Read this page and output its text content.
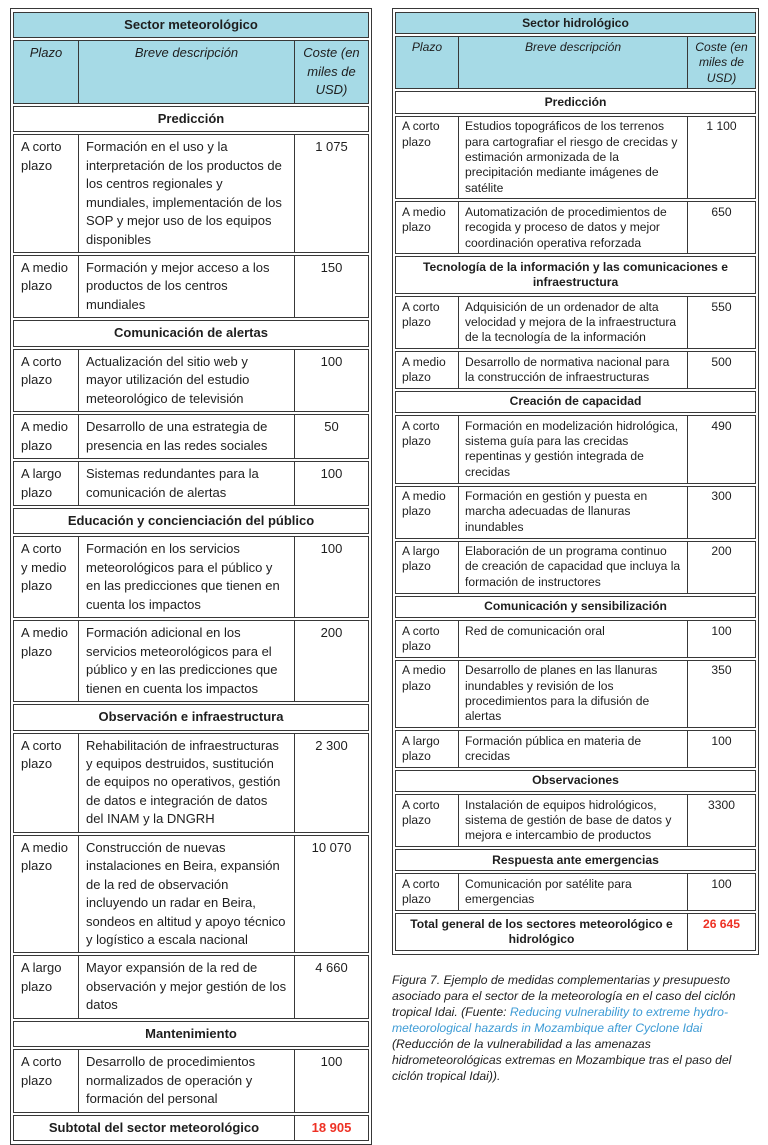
Sector meteorológico		
Plazo	Breve descripción	Coste (en miles de USD)
Predicción		
A corto plazo	Formación en el uso y la interpretación de los productos de los centros regionales y mundiales, implementación de los SOP y mejor uso de los equipos disponibles	1 075
A medio plazo	Formación y mejor acceso a los productos de los centros mundiales	150
Comunicación de alertas		
A corto plazo	Actualización del sitio web y mayor utilización del estudio meteorológico de televisión	100
A medio plazo	Desarrollo de una estrategia de presencia en las redes sociales	50
A largo plazo	Sistemas redundantes para la comunicación de alertas	100
Educación y concienciación del público		
A corto y medio plazo	Formación en los servicios meteorológicos para el público y en las predicciones que tienen en cuenta los impactos	100
A medio plazo	Formación adicional en los servicios meteorológicos para el público y en las predicciones que tienen en cuenta los impactos	200
Observación e infraestructura		
A corto plazo	Rehabilitación de infraestructuras y equipos destruidos, sustitución de equipos no operativos, gestión de datos e integración de datos del INAM y la DNGRH	2 300
A medio plazo	Construcción de nuevas instalaciones en Beira, expansión de la red de observación incluyendo un radar en Beira, sondeos en altitud y apoyo técnico y logístico a escala nacional	10 070
A largo plazo	Mayor expansión de la red de observación y mejor gestión de los datos	4 660
Mantenimiento		
A corto plazo	Desarrollo de procedimientos normalizados de operación y formación del personal	100
Subtotal del sector meteorológico		18 905
Sector hidrológico		
Plazo	Breve descripción	Coste (en miles de USD)
Predicción		
A corto plazo	Estudios topográficos de los terrenos para cartografiar el riesgo de crecidas y estimación armonizada de la precipitación mediante imágenes de satélite	1 100
A medio plazo	Automatización de procedimientos de recogida y proceso de datos y mejor coordinación operativa reforzada	650
Tecnología de la información y las comunicaciones e infraestructura		
A corto plazo	Adquisición de un ordenador de alta velocidad y mejora de la infraestructura de la tecnología de la información	550
A medio plazo	Desarrollo de normativa nacional para la construcción de infraestructuras	500
Creación de capacidad		
A corto plazo	Formación en modelización hidrológica, sistema guía para las crecidas repentinas y gestión integrada de crecidas	490
A medio plazo	Formación en gestión y puesta en marcha adecuadas de llanuras inundables	300
A largo plazo	Elaboración de un programa continuo de creación de capacidad que incluya la formación de instructores	200
Comunicación y sensibilización		
A corto plazo	Red de comunicación oral	100
A medio plazo	Desarrollo de planes en las llanuras inundables y revisión de los procedimientos para la difusión de alertas	350
A largo plazo	Formación pública en materia de crecidas	100
Observaciones		
A corto plazo	Instalación de equipos hidrológicos, sistema de gestión de base de datos y mejora e intercambio de productos	3300
Respuesta ante emergencias		
A corto plazo	Comunicación por satélite para emergencias	100
Total general de los sectores meteorológico e hidrológico		26 645
Figura 7. Ejemplo de medidas complementarias y presupuesto asociado para el sector de la meteorología en el caso del ciclón tropical Idai. (Fuente: Reducing vulnerability to extreme hydro-meteorological hazards in Mozambique after Cyclone Idai (Reducción de la vulnerabilidad a las amenazas hidrometeorológicas extremas en Mozambique tras el paso del ciclón tropical Idai)).
